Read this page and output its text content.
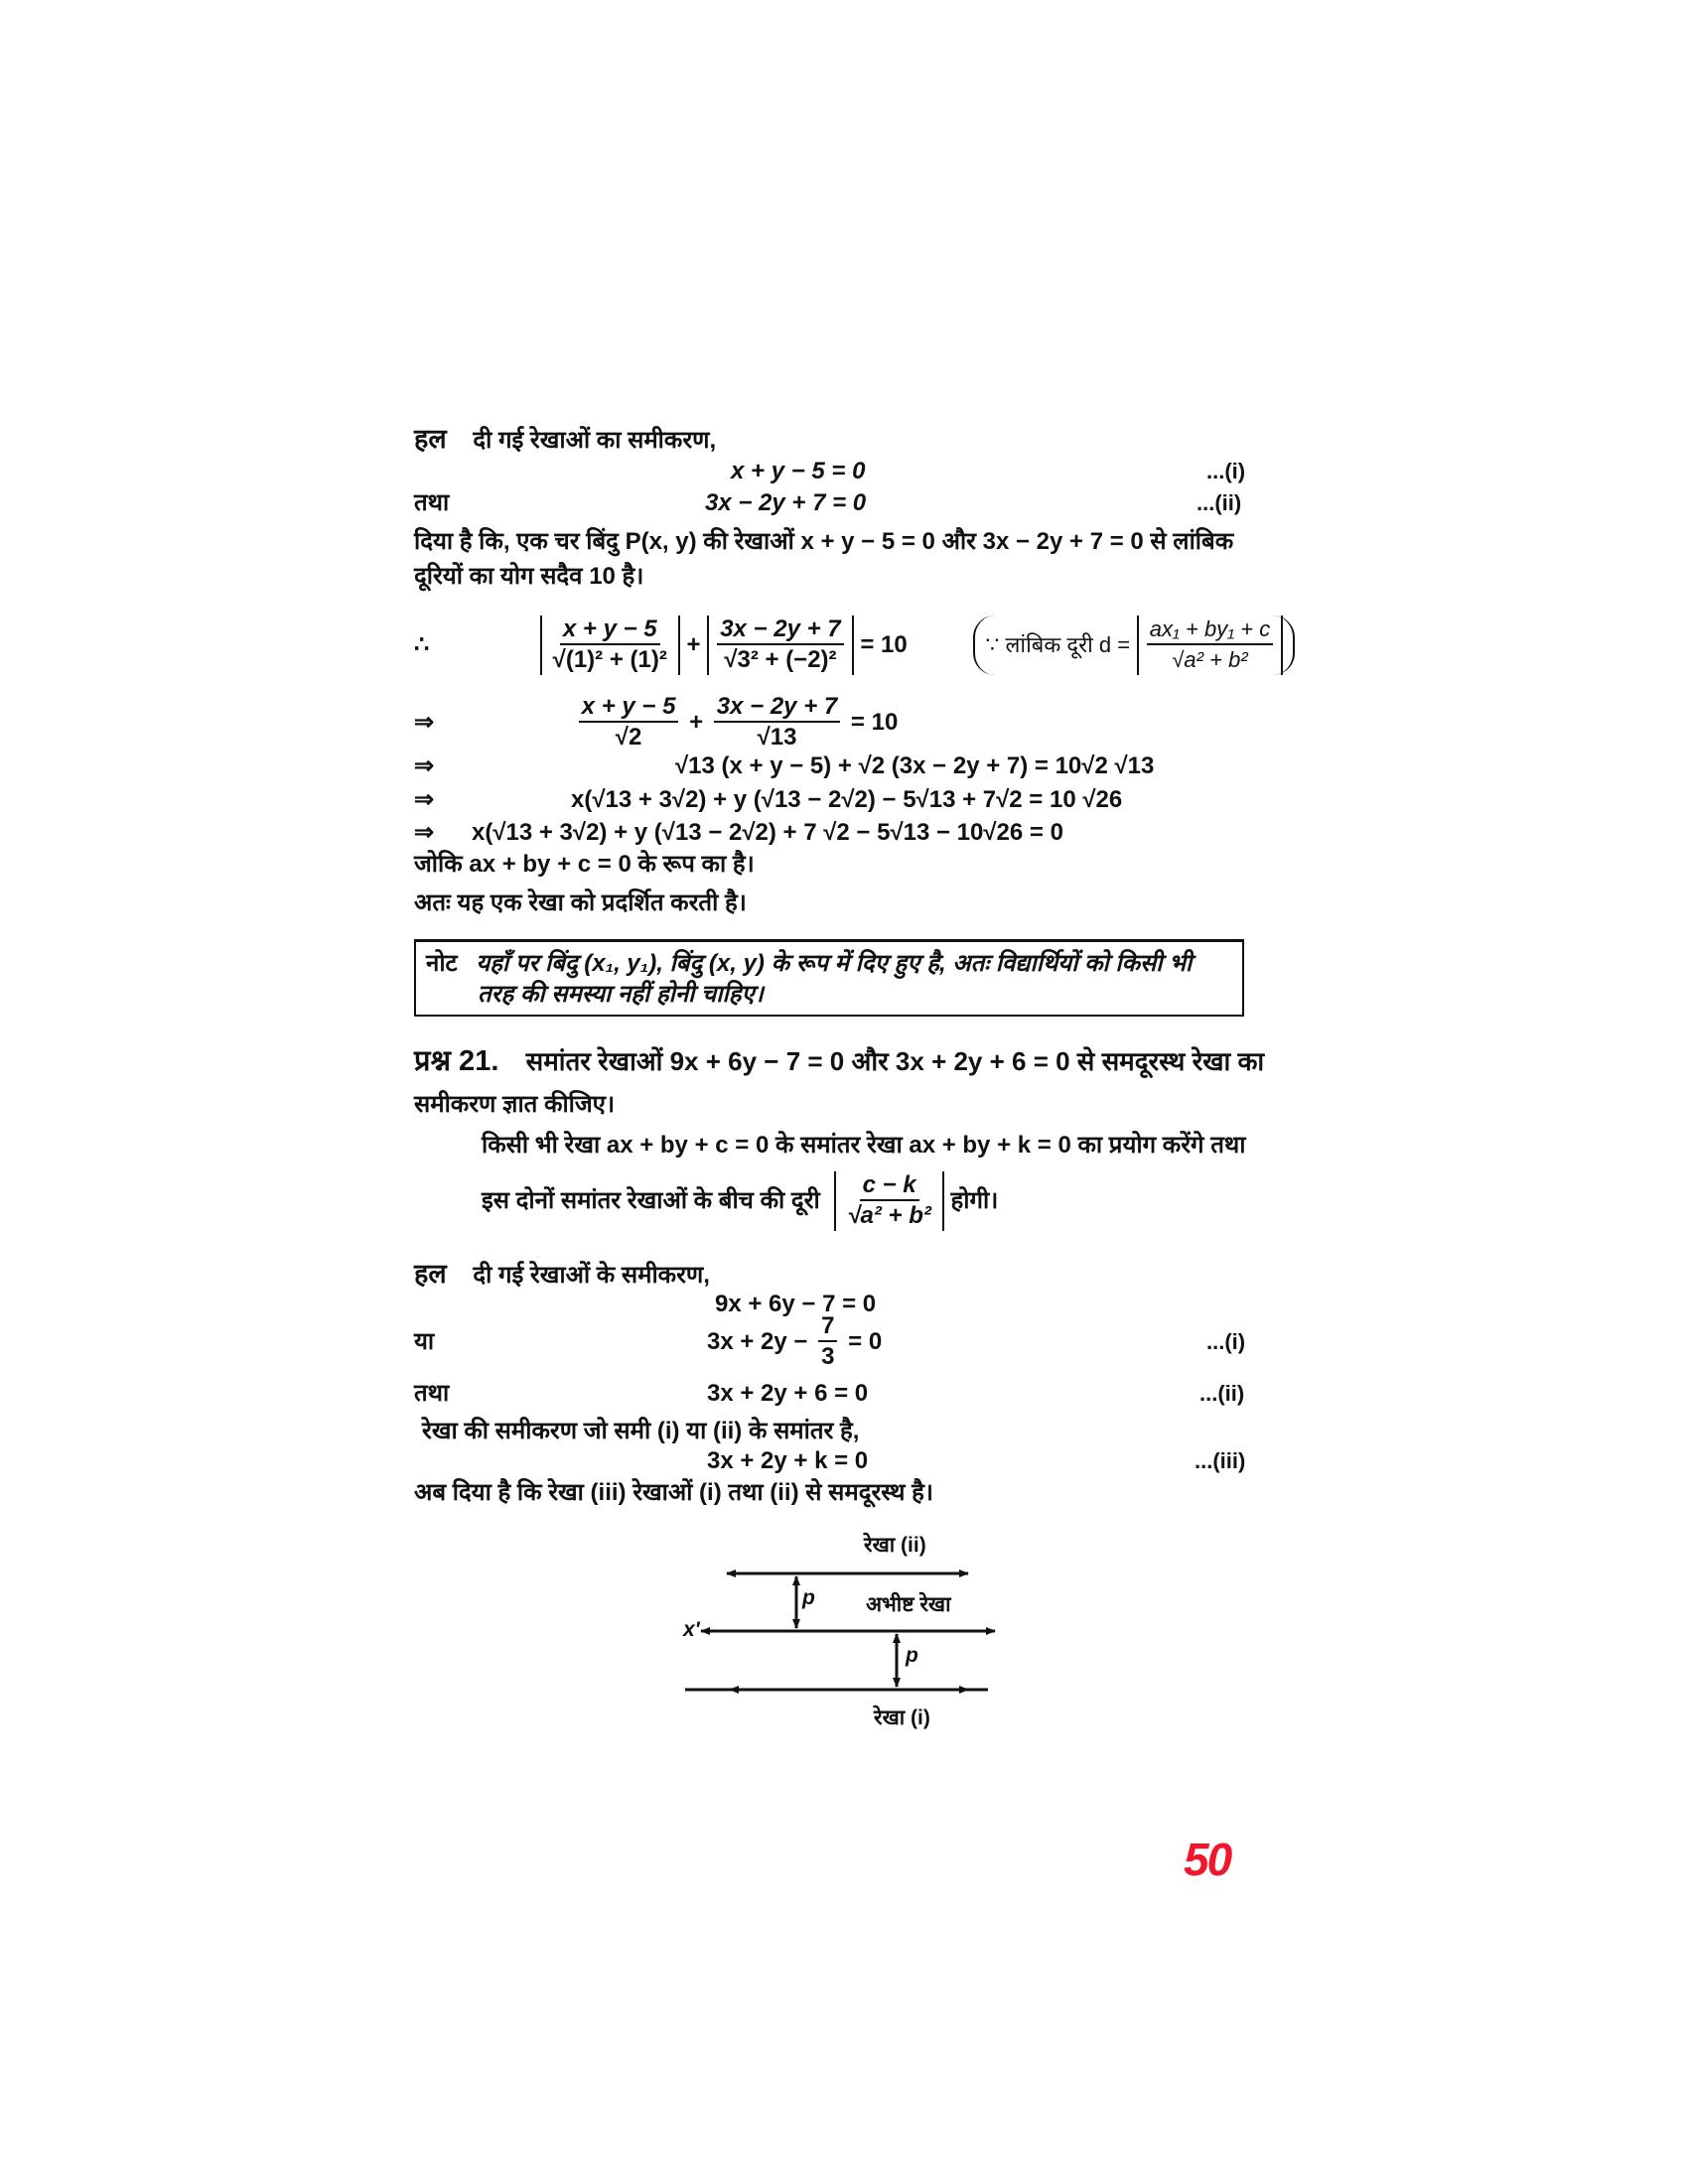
हल दी गई रेखाओं का समीकरण,
x + y − 5 = 0	...(i)
तथा	3x − 2y + 7 = 0	...(ii)
दिया है कि, एक चर बिंदु P(x, y) की रेखाओं x + y − 5 = 0 और 3x − 2y + 7 = 0 से लांबिक
दूरियों का योग सदैव 10 है।
∴	$\frac{x + y - 5}{\text{√(1)² + (1)²}} + \frac{3x - 2y + 7}{\text{√3² + (−2)²}} = 10$	∵ लांबिक दूरी $d = \frac{\text{ax₁ + by₁ + c}}{\text{√a² + b²}}$
⇒	$\frac{x + y - 5}{√2} + \frac{3x - 2y + 7}{√13} = 10$
⇒	√13 (x + y − 5) + √2 (3x − 2y + 7) = 10√2 √13
⇒	x(√13 + 3√2) + y (√13 − 2√2) − 5√13 + 7√2 = 10 √26
⇒ x(√13 + 3√2) + y (√13 − 2√2) + 7 √2 − 5√13 − 10√26 = 0
जोकि ax + by + c = 0 के रूप का है।
अतः यह एक रेखा को प्रदर्शित करती है।
नोट यहाँ पर बिंदु (x₁, y₁), बिंदु (x, y) के रूप में दिए हुए है, अतः विद्यार्थियों को किसी भी
तरह की समस्या नहीं होनी चाहिए।
प्रश्न 21. समांतर रेखाओं 9x + 6y − 7 = 0 और 3x + 2y + 6 = 0 से समदूरस्थ रेखा का
समीकरण ज्ञात कीजिए।
किसी भी रेखा ax + by + c = 0 के समांतर रेखा ax + by + k = 0 का प्रयोग करेंगे तथा
इस दोनों समांतर रेखाओं के बीच की दूरी $\frac{c - k}{\text{√a² + b²}}$ होगी।
हल दी गई रेखाओं के समीकरण,
9x + 6y − 7 = 0
या	$3x + 2y - \frac{7}{3} = 0$	...(i)
तथा	3x + 2y + 6 = 0	...(ii)
रेखा की समीकरण जो समी (i) या (ii) के समांतर है,
3x + 2y + k = 0	...(iii)
अब दिया है कि रेखा (iii) रेखाओं (i) तथा (ii) से समदूरस्थ है।
रेखा (ii)
अभीष्ट रेखा
x'
p
p
रेखा (i)
50
